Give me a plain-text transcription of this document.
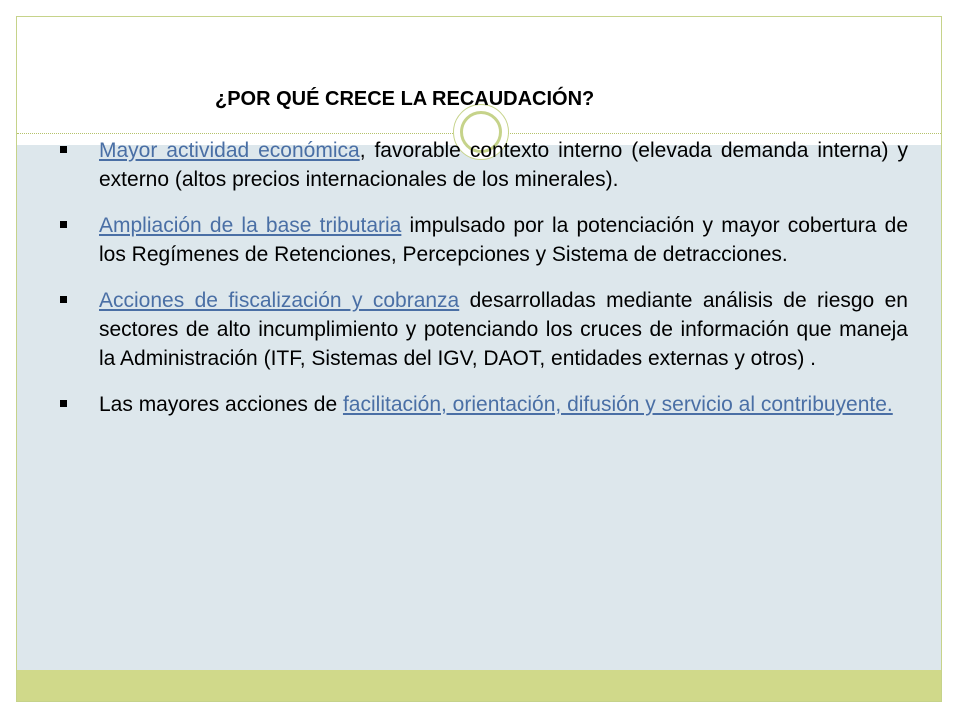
¿POR QUÉ CRECE LA RECAUDACIÓN?
Mayor actividad económica, favorable contexto interno (elevada demanda interna) y externo (altos precios internacionales de los minerales).
Ampliación de la base tributaria impulsado por la potenciación y mayor cobertura de los Regímenes de Retenciones, Percepciones y Sistema de detracciones.
Acciones de fiscalización y cobranza desarrolladas mediante análisis de riesgo en sectores de alto incumplimiento y potenciando los cruces de información que maneja la Administración (ITF, Sistemas del IGV, DAOT, entidades externas y otros) .
Las mayores acciones de facilitación, orientación, difusión y servicio al contribuyente.
